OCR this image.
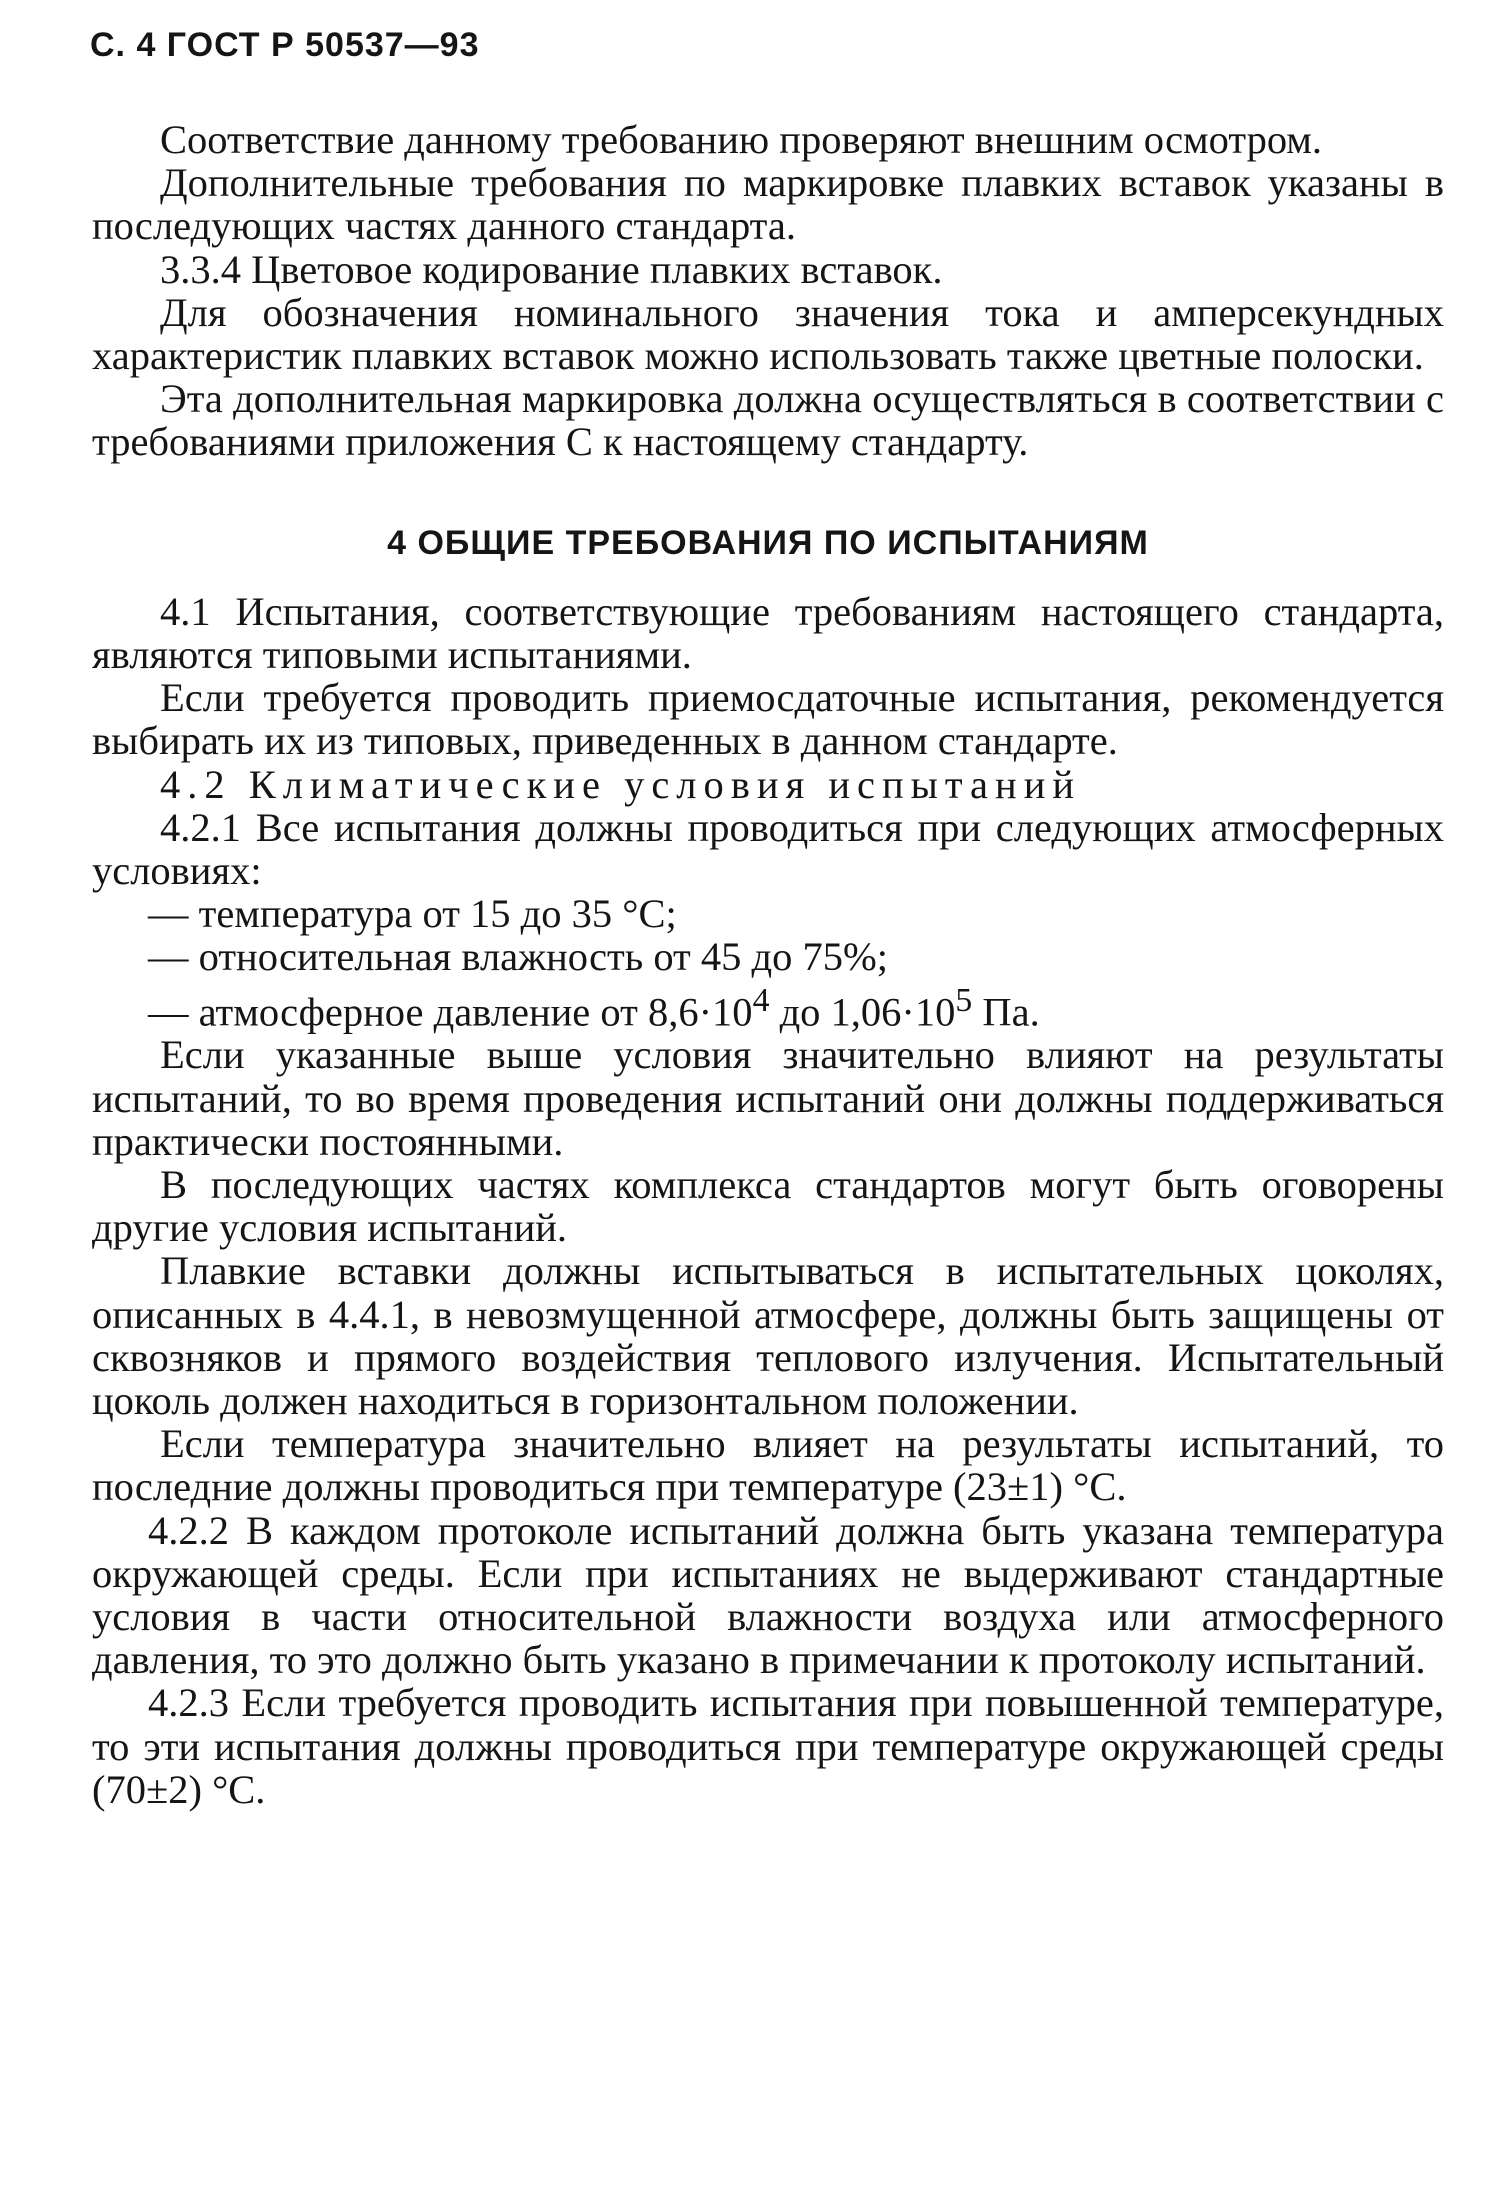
С. 4 ГОСТ Р 50537—93

Соответствие данному требованию проверяют внешним осмотром.

Дополнительные требования по маркировке плавких вставок указаны в последующих частях данного стандарта.

3.3.4 Цветовое кодирование плавких вставок.

Для обозначения номинального значения тока и амперсекундных характеристик плавких вставок можно использовать также цветные полоски.

Эта дополнительная маркировка должна осуществляться в соответствии с требованиями приложения С к настоящему стандарту.

4 ОБЩИЕ ТРЕБОВАНИЯ ПО ИСПЫТАНИЯМ

4.1 Испытания, соответствующие требованиям настоящего стандарта, являются типовыми испытаниями.

Если требуется проводить приемосдаточные испытания, рекомендуется выбирать их из типовых, приведенных в данном стандарте.

4.2 Климатические условия испытаний

4.2.1 Все испытания должны проводиться при следующих атмосферных условиях:

— температура от 15 до 35 °С;

— относительная влажность от 45 до 75%;

— атмосферное давление от $8,6\cdot 10^4$ до $1,06\cdot 10^5$ Па.

Если указанные выше условия значительно влияют на результаты испытаний, то во время проведения испытаний они должны поддерживаться практически постоянными.

В последующих частях комплекса стандартов могут быть оговорены другие условия испытаний.

Плавкие вставки должны испытываться в испытательных цоколях, описанных в 4.4.1, в невозмущенной атмосфере, должны быть защищены от сквозняков и прямого воздействия теплового излучения. Испытательный цоколь должен находиться в горизонтальном положении.

Если температура значительно влияет на результаты испытаний, то последние должны проводиться при температуре (23±1) °С.

4.2.2 В каждом протоколе испытаний должна быть указана температура окружающей среды. Если при испытаниях не выдерживают стандартные условия в части относительной влажности воздуха или атмосферного давления, то это должно быть указано в примечании к протоколу испытаний.

4.2.3 Если требуется проводить испытания при повышенной температуре, то эти испытания должны проводиться при температуре окружающей среды (70±2) °С.
